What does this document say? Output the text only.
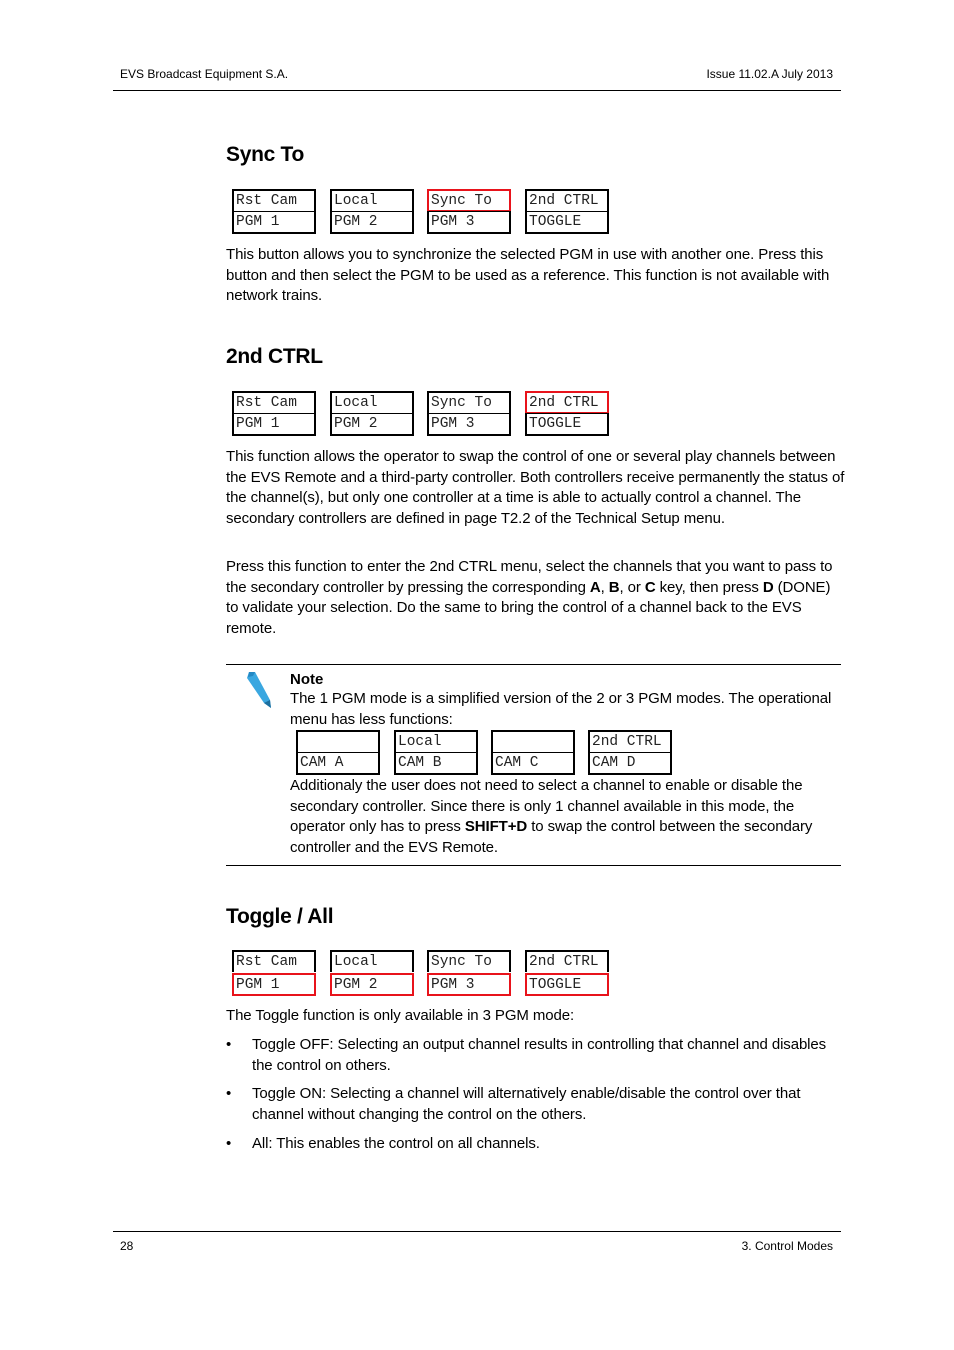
EVS Broadcast Equipment S.A.	Issue 11.02.A July 2013
Sync To
Rst Cam
PGM 1
Local
PGM 2
Sync To
PGM 3
2nd CTRL
TOGGLE
This button allows you to synchronize the selected PGM in use with another one. Press this button and then select the PGM to be used as a reference. This function is not available with network trains.
2nd CTRL
Rst Cam
PGM 1
Local
PGM 2
Sync To
PGM 3
2nd CTRL
TOGGLE
This function allows the operator to swap the control of one or several play channels between the EVS Remote and a third-party controller. Both controllers receive permanently the status of the channel(s), but only one controller at a time is able to actually control a channel. The secondary controllers are defined in page T2.2 of the Technical Setup menu.
Press this function to enter the 2nd CTRL menu, select the channels that you want to pass to the secondary controller by pressing the corresponding A, B, or C key, then press D (DONE) to validate your selection. Do the same to bring the control of a channel back to the EVS remote.
Note
The 1 PGM mode is a simplified version of the 2 or 3 PGM modes. The operational menu has less functions:
CAM A
Local
CAM B	CAM C
2nd CTRL
CAM D
Additionaly the user does not need to select a channel to enable or disable the secondary controller. Since there is only 1 channel available in this mode, the operator only has to press SHIFT+D to swap the control between the secondary controller and the EVS Remote.
Toggle / All
Rst Cam
PGM 1
Local
PGM 2
Sync To
PGM 3
2nd CTRL
TOGGLE
The Toggle function is only available in 3 PGM mode:
• Toggle OFF: Selecting an output channel results in controlling that channel and disables the control on others.
• Toggle ON: Selecting a channel will alternatively enable/disable the control over that channel without changing the control on the others.
• All: This enables the control on all channels.
28	3. Control Modes
